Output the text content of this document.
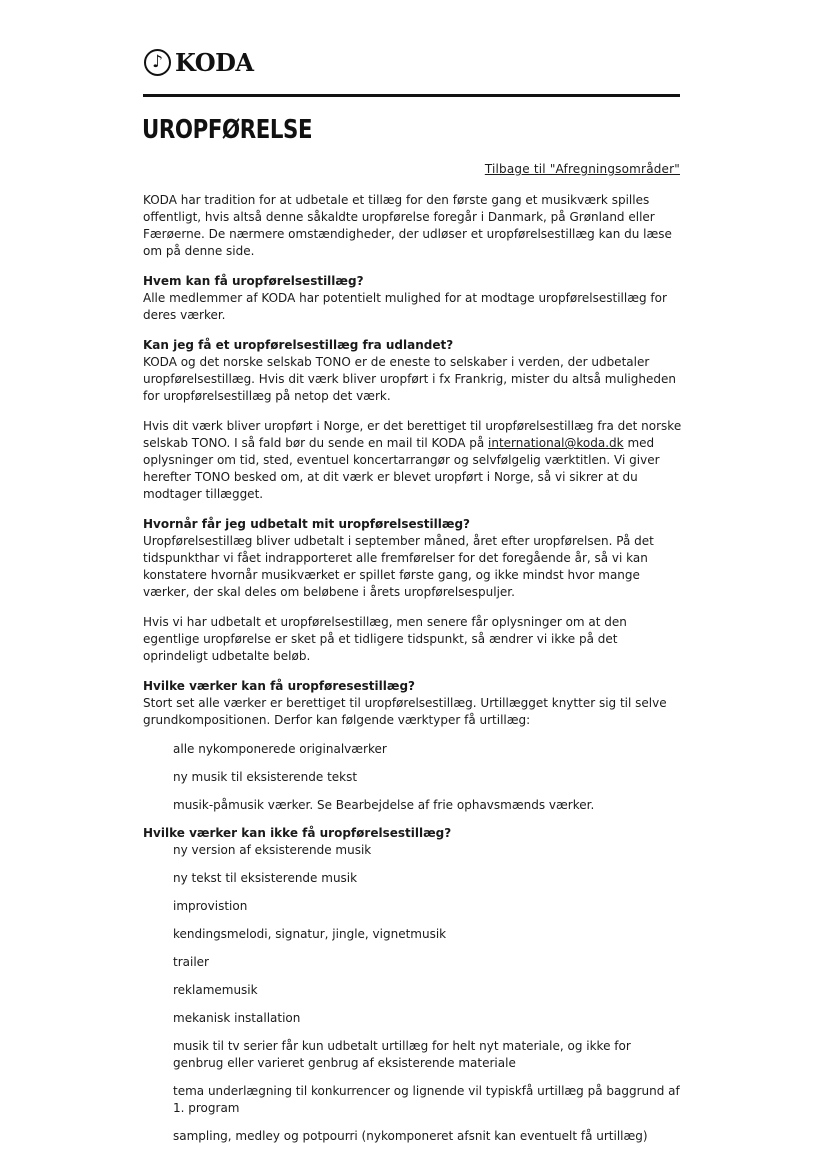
♪ KODA
UROPFØRELSE
Tilbage til "Afregningsområder"

KODA har tradition for at udbetale et tillæg for den første gang et musikværk spilles offentligt, hvis altså denne såkaldte uropførelse foregår i Danmark, på Grønland eller Færøerne. De nærmere omstændigheder, der udløser et uropførelsestillæg kan du læse om på denne side.

Hvem kan få uropførelsestillæg?

Alle medlemmer af KODA har potentielt mulighed for at modtage uropførelsestillæg for deres værker.

Kan jeg få et uropførelsestillæg fra udlandet?

KODA og det norske selskab TONO er de eneste to selskaber i verden, der udbetaler uropførelsestillæg. Hvis dit værk bliver uropført i fx Frankrig, mister du altså muligheden for uropførelsestillæg på netop det værk.

Hvis dit værk bliver uropført i Norge, er det berettiget til uropførelsestillæg fra det norske selskab TONO. I så fald bør du sende en mail til KODA på international@koda.dk med oplysninger om tid, sted, eventuel koncertarrangør og selvfølgelig værktitlen. Vi giver herefter TONO besked om, at dit værk er blevet uropført i Norge, så vi sikrer at du modtager tillægget.

Hvornår får jeg udbetalt mit uropførelsestillæg?

Uropførelsestillæg bliver udbetalt i september måned, året efter uropførelsen. På det tidspunkthar vi fået indrapporteret alle fremførelser for det foregående år, så vi kan konstatere hvornår musikværket er spillet første gang, og ikke mindst hvor mange værker, der skal deles om beløbene i årets uropførelsespuljer.

Hvis vi har udbetalt et uropførelsestillæg, men senere får oplysninger om at den egentlige uropførelse er sket på et tidligere tidspunkt, så ændrer vi ikke på det oprindeligt udbetalte beløb.

Hvilke værker kan få uropføresestillæg?

Stort set alle værker er berettiget til uropførelsestillæg. Urtillægget knytter sig til selve grundkompositionen. Derfor kan følgende værktyper få urtillæg:

alle nykomponerede originalværker
ny musik til eksisterende tekst
musik-påmusik værker. Se Bearbejdelse af frie ophavsmænds værker.

Hvilke værker kan ikke få uropførelsestillæg?

ny version af eksisterende musik
ny tekst til eksisterende musik
improvistion
kendingsmelodi, signatur, jingle, vignetmusik
trailer
reklamemusik
mekanisk installation
musik til tv serier får kun udbetalt urtillæg for helt nyt materiale, og ikke for genbrug eller varieret genbrug af eksisterende materiale
tema underlægning til konkurrencer og lignende vil typiskfå urtillæg på baggrund af 1. program
sampling, medley og potpourri (nykomponeret afsnit kan eventuelt få urtillæg)
